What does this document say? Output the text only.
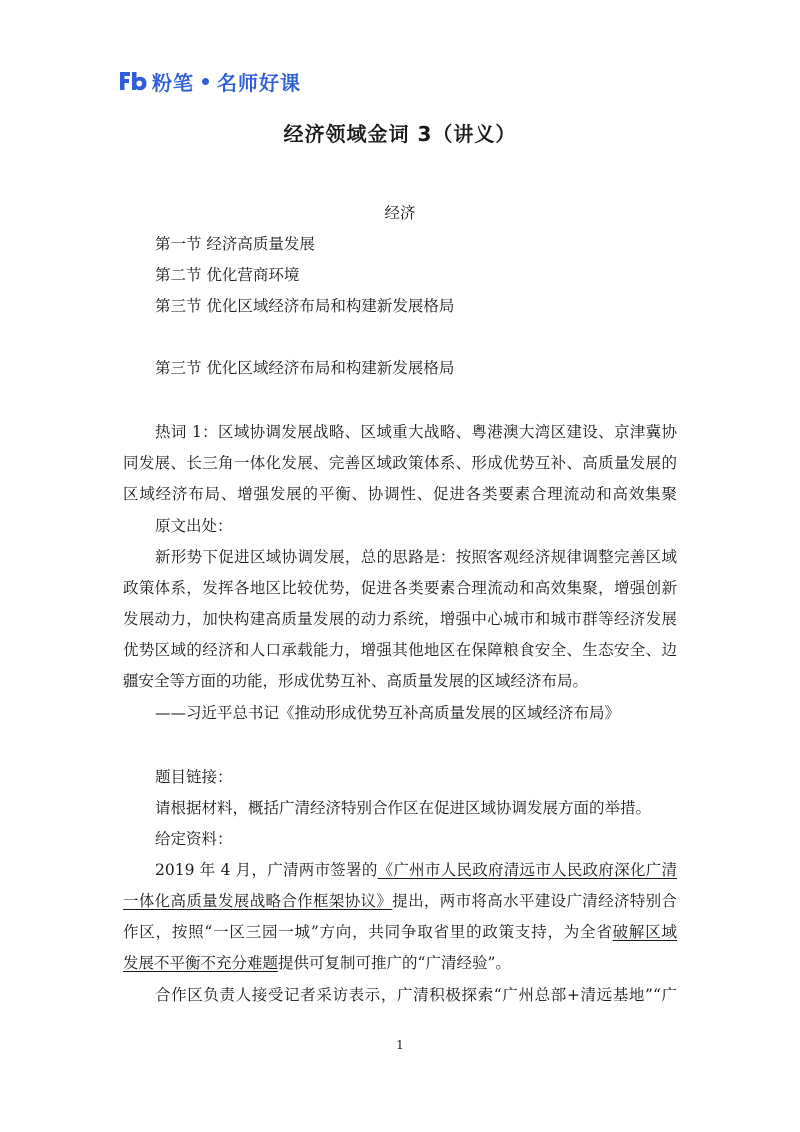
粉笔 名师好课
经济领域金词 3（讲义）
经济
第一节 经济高质量发展
第二节 优化营商环境
第三节 优化区域经济布局和构建新发展格局
第三节 优化区域经济布局和构建新发展格局
热词 1：区域协调发展战略、区域重大战略、粤港澳大湾区建设、京津冀协
同发展、长三角一体化发展、完善区域政策体系、形成优势互补、高质量发展的
区域经济布局、增强发展的平衡、协调性、促进各类要素合理流动和高效集聚
原文出处：
新形势下促进区域协调发展，总的思路是：按照客观经济规律调整完善区域
政策体系，发挥各地区比较优势，促进各类要素合理流动和高效集聚，增强创新
发展动力，加快构建高质量发展的动力系统，增强中心城市和城市群等经济发展
优势区域的经济和人口承载能力，增强其他地区在保障粮食安全、生态安全、边
疆安全等方面的功能，形成优势互补、高质量发展的区域经济布局。
——习近平总书记《推动形成优势互补高质量发展的区域经济布局》
题目链接：
请根据材料，概括广清经济特别合作区在促进区域协调发展方面的举措。
给定资料：
2019 年 4 月，广清两市签署的《广州市人民政府清远市人民政府深化广清
一体化高质量发展战略合作框架协议》提出，两市将高水平建设广清经济特别合
作区，按照“一区三园一城”方向，共同争取省里的政策支持，为全省破解区域
发展不平衡不充分难题提供可复制可推广的“广清经验”。
合作区负责人接受记者采访表示，广清积极探索“广州总部+清远基地”“广
1
